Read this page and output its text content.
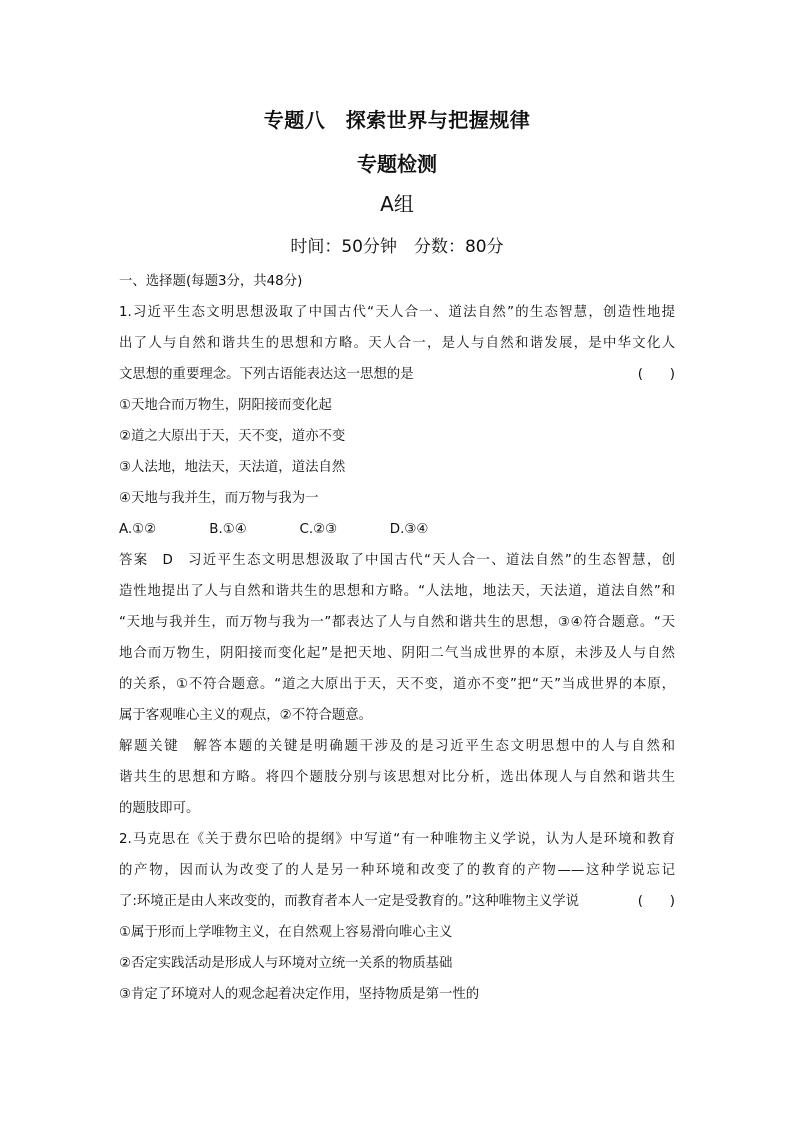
专题八　探索世界与把握规律
专题检测
A组
时间：50分钟　分数：80分
一、选择题(每题3分，共48分)
1.习近平生态文明思想汲取了中国古代“天人合一、道法自然”的生态智慧，创造性地提
出了人与自然和谐共生的思想和方略。天人合一，是人与自然和谐发展，是中华文化人
文思想的重要理念。下列古语能表达这一思想的是	(　　)
①天地合而万物生，阴阳接而变化起
②道之大原出于天，天不变，道亦不变
③人法地，地法天，天法道，道法自然
④天地与我并生，而万物与我为一
A.①②	B.①④	C.②③	D.③④
答案 D 习近平生态文明思想汲取了中国古代“天人合一、道法自然”的生态智慧，创
造性地提出了人与自然和谐共生的思想和方略。“人法地，地法天，天法道，道法自然”和
“天地与我并生，而万物与我为一”都表达了人与自然和谐共生的思想，③④符合题意。“天
地合而万物生，阴阳接而变化起”是把天地、阴阳二气当成世界的本原，未涉及人与自然
的关系，①不符合题意。“道之大原出于天，天不变，道亦不变”把“天”当成世界的本原，
属于客观唯心主义的观点，②不符合题意。
解题关键 解答本题的关键是明确题干涉及的是习近平生态文明思想中的人与自然和
谐共生的思想和方略。将四个题肢分别与该思想对比分析，选出体现人与自然和谐共生
的题肢即可。
2.马克思在《关于费尔巴哈的提纲》中写道“有一种唯物主义学说，认为人是环境和教育
的产物，因而认为改变了的人是另一种环境和改变了的教育的产物——这种学说忘记
了:环境正是由人来改变的，而教育者本人一定是受教育的。”这种唯物主义学说	(　　)
①属于形而上学唯物主义，在自然观上容易滑向唯心主义
②否定实践活动是形成人与环境对立统一关系的物质基础
③肯定了环境对人的观念起着决定作用，坚持物质是第一性的
